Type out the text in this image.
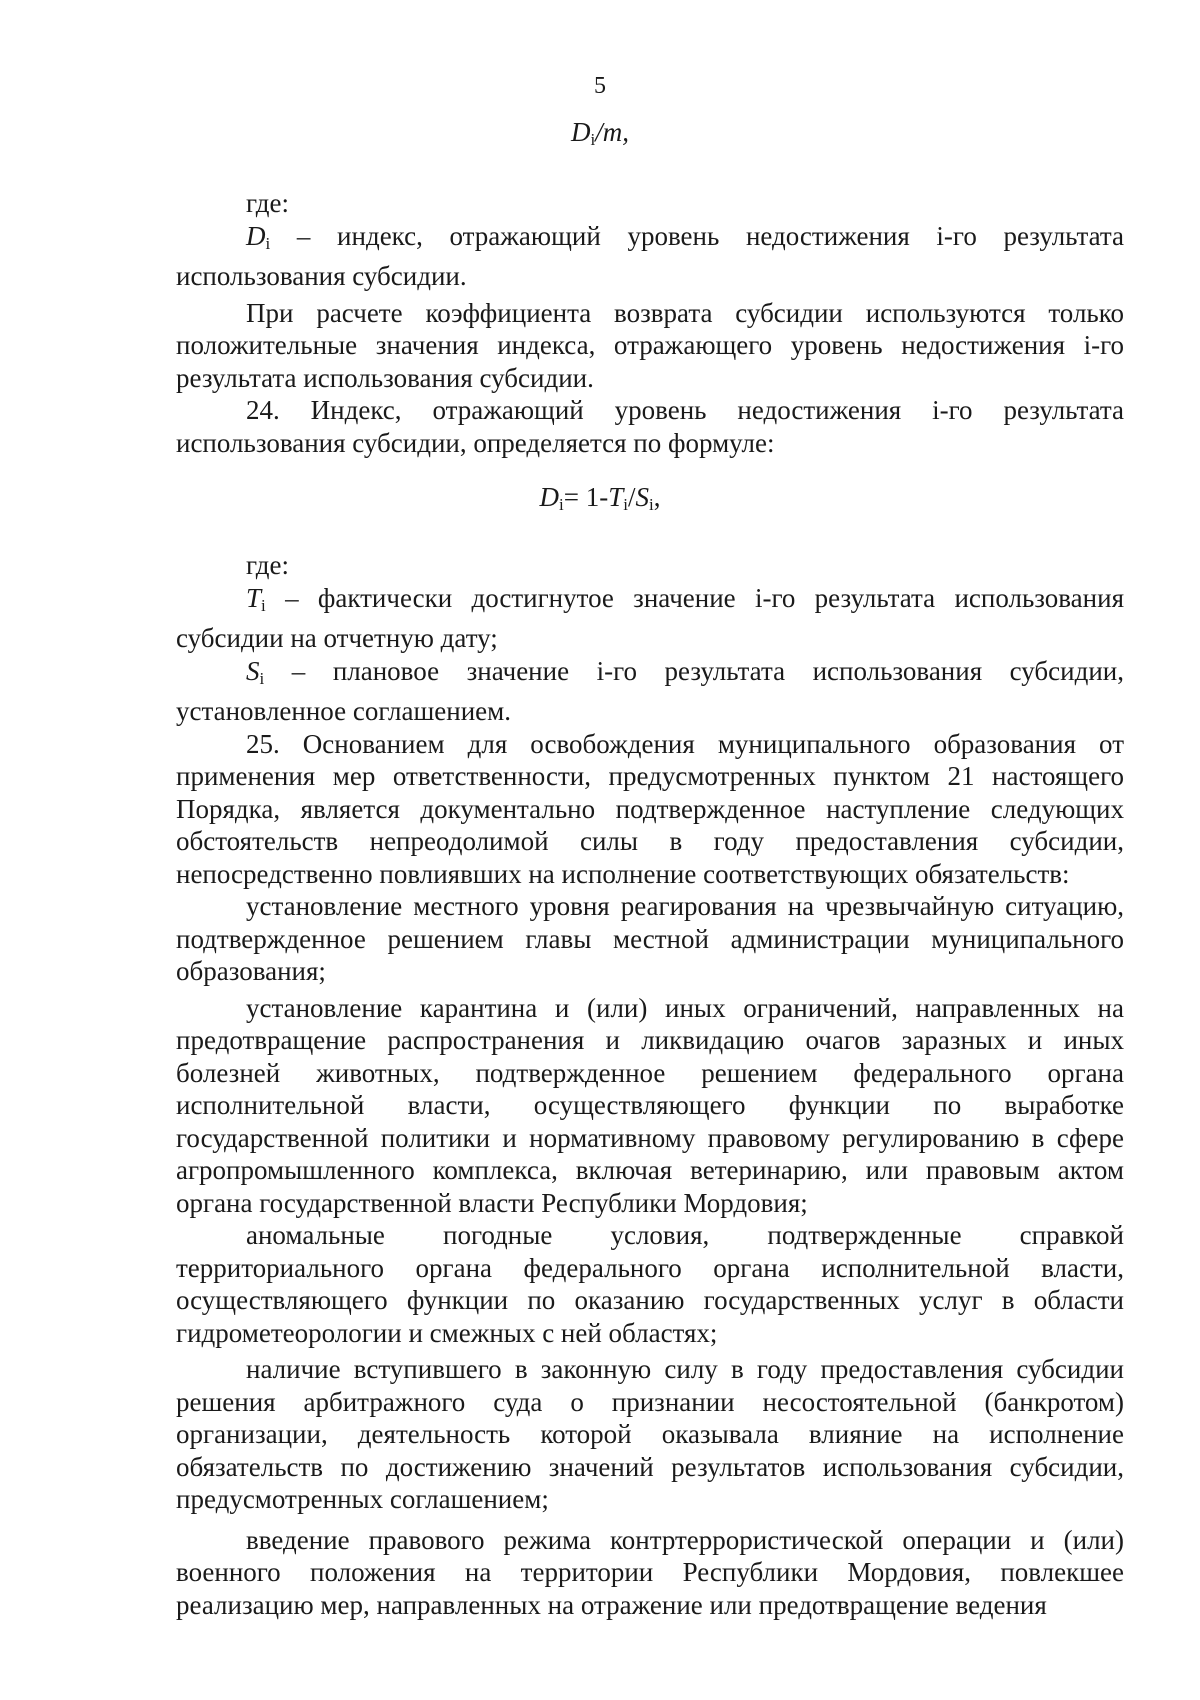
5
$D_i/m$,

где:

$D_i$ – индекс, отражающий уровень недостижения i-го результата использования субсидии.

При расчете коэффициента возврата субсидии используются только положительные значения индекса, отражающего уровень недостижения i-го результата использования субсидии.

24. Индекс, отражающий уровень недостижения i-го результата использования субсидии, определяется по формуле:

$D_i= 1-T_i/S_i$,

где:

$T_i$ – фактически достигнутое значение i-го результата использования субсидии на отчетную дату;

$S_i$ – плановое значение i-го результата использования субсидии, установленное соглашением.

25. Основанием для освобождения муниципального образования от применения мер ответственности, предусмотренных пунктом 21 настоящего Порядка, является документально подтвержденное наступление следующих обстоятельств непреодолимой силы в году предоставления субсидии, непосредственно повлиявших на исполнение соответствующих обязательств:

установление местного уровня реагирования на чрезвычайную ситуацию, подтвержденное решением главы местной администрации муниципального образования;

установление карантина и (или) иных ограничений, направленных на предотвращение распространения и ликвидацию очагов заразных и иных болезней животных, подтвержденное решением федерального органа исполнительной власти, осуществляющего функции по выработке государственной политики и нормативному правовому регулированию в сфере агропромышленного комплекса, включая ветеринарию, или правовым актом органа государственной власти Республики Мордовия;

аномальные погодные условия, подтвержденные справкой территориального органа федерального органа исполнительной власти, осуществляющего функции по оказанию государственных услуг в области гидрометеорологии и смежных с ней областях;

наличие вступившего в законную силу в году предоставления субсидии решения арбитражного суда о признании несостоятельной (банкротом) организации, деятельность которой оказывала влияние на исполнение обязательств по достижению значений результатов использования субсидии, предусмотренных соглашением;

введение правового режима контртеррористической операции и (или) военного положения на территории Республики Мордовия, повлекшее реализацию мер, направленных на отражение или предотвращение ведения
